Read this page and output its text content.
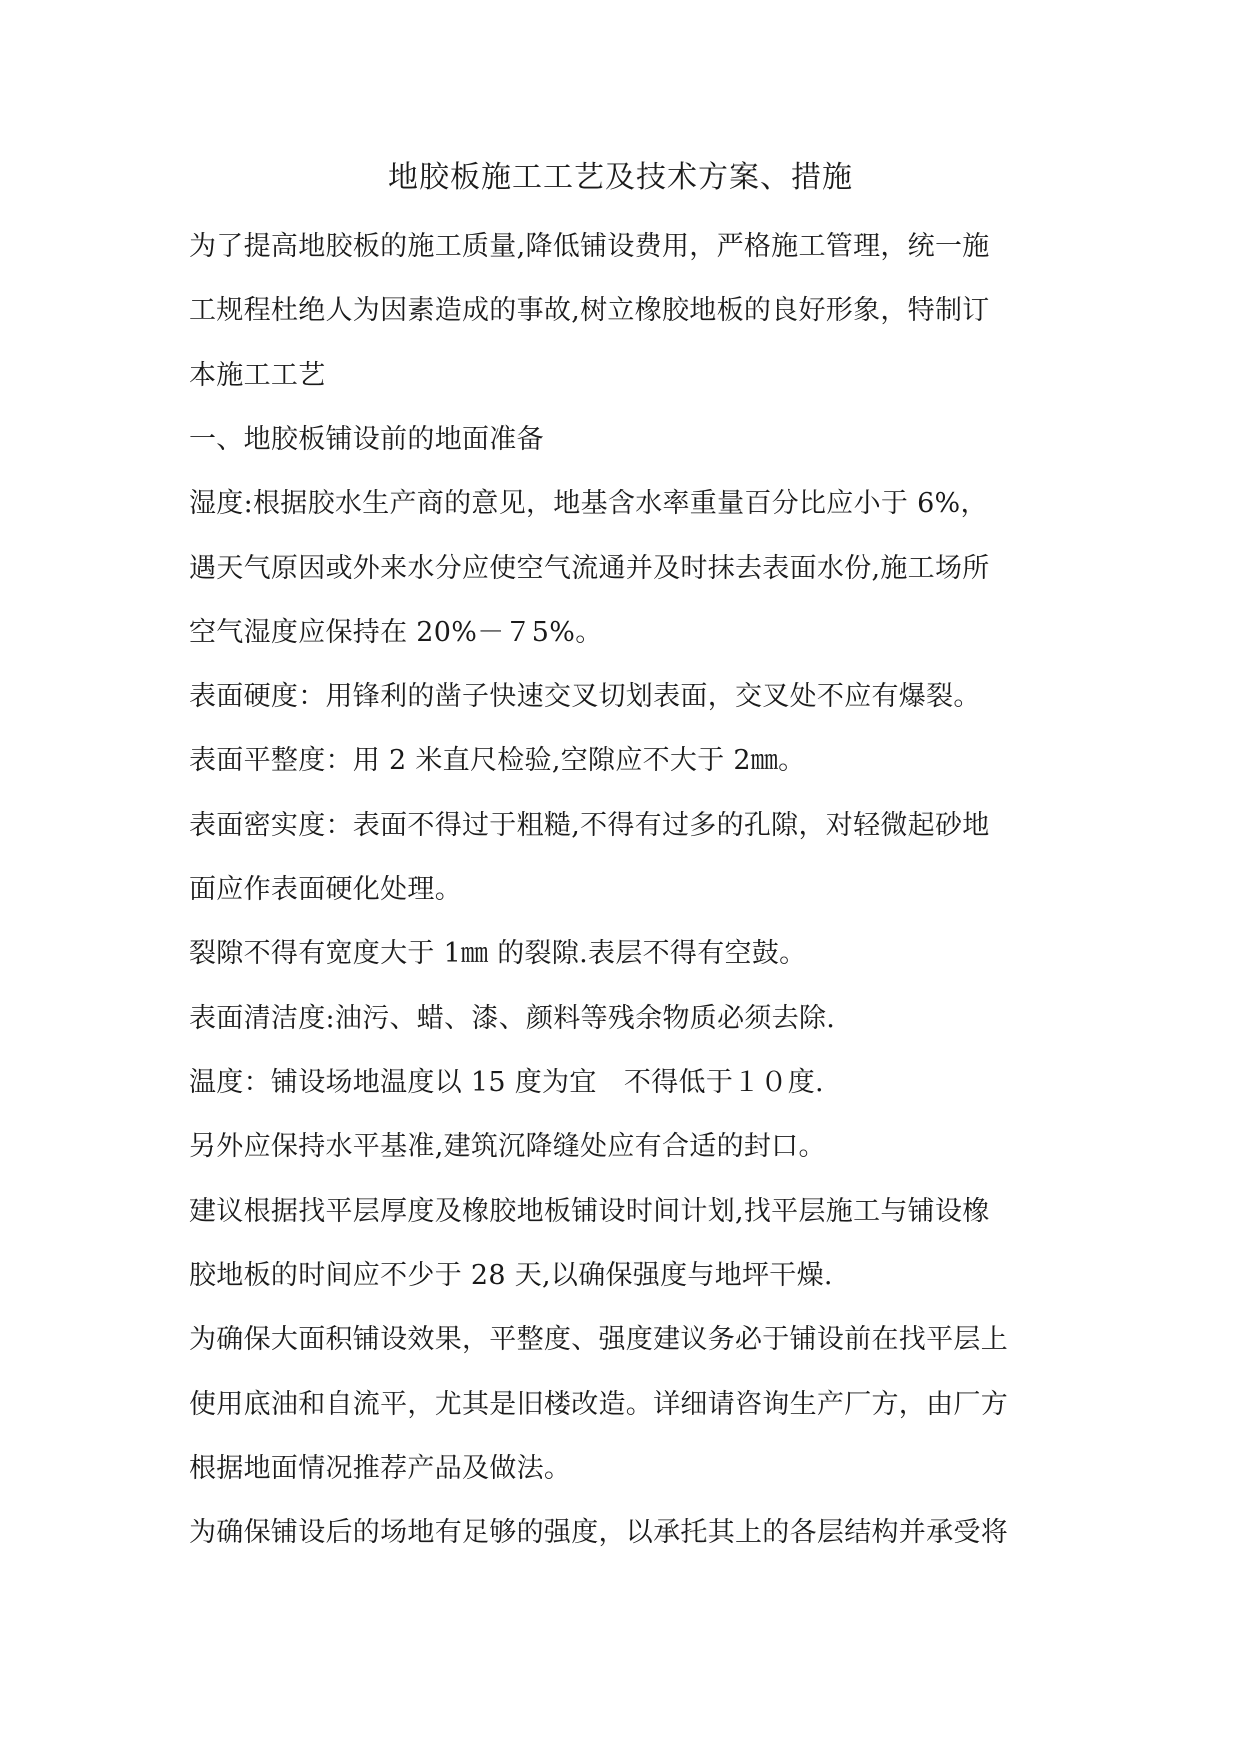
地胶板施工工艺及技术方案、措施
为了提高地胶板的施工质量,降低铺设费用，严格施工管理，统一施
工规程杜绝人为因素造成的事故,树立橡胶地板的良好形象，特制订
本施工工艺
一、地胶板铺设前的地面准备
湿度:根据胶水生产商的意见，地基含水率重量百分比应小于 6%，
遇天气原因或外来水分应使空气流通并及时抹去表面水份,施工场所
空气湿度应保持在 20%－７5%。
表面硬度：用锋利的凿子快速交叉切划表面，交叉处不应有爆裂。
表面平整度：用 2 米直尺检验,空隙应不大于 2㎜。
表面密实度：表面不得过于粗糙,不得有过多的孔隙，对轻微起砂地
面应作表面硬化处理。
裂隙不得有宽度大于 1㎜ 的裂隙.表层不得有空鼓。
表面清洁度:油污、蜡、漆、颜料等残余物质必须去除.
温度：铺设场地温度以 15 度为宜　不得低于１０度.
另外应保持水平基准,建筑沉降缝处应有合适的封口。
建议根据找平层厚度及橡胶地板铺设时间计划,找平层施工与铺设橡
胶地板的时间应不少于 28 天,以确保强度与地坪干燥.
为确保大面积铺设效果，平整度、强度建议务必于铺设前在找平层上
使用底油和自流平，尤其是旧楼改造。详细请咨询生产厂方，由厂方
根据地面情况推荐产品及做法。
为确保铺设后的场地有足够的强度，以承托其上的各层结构并承受将
